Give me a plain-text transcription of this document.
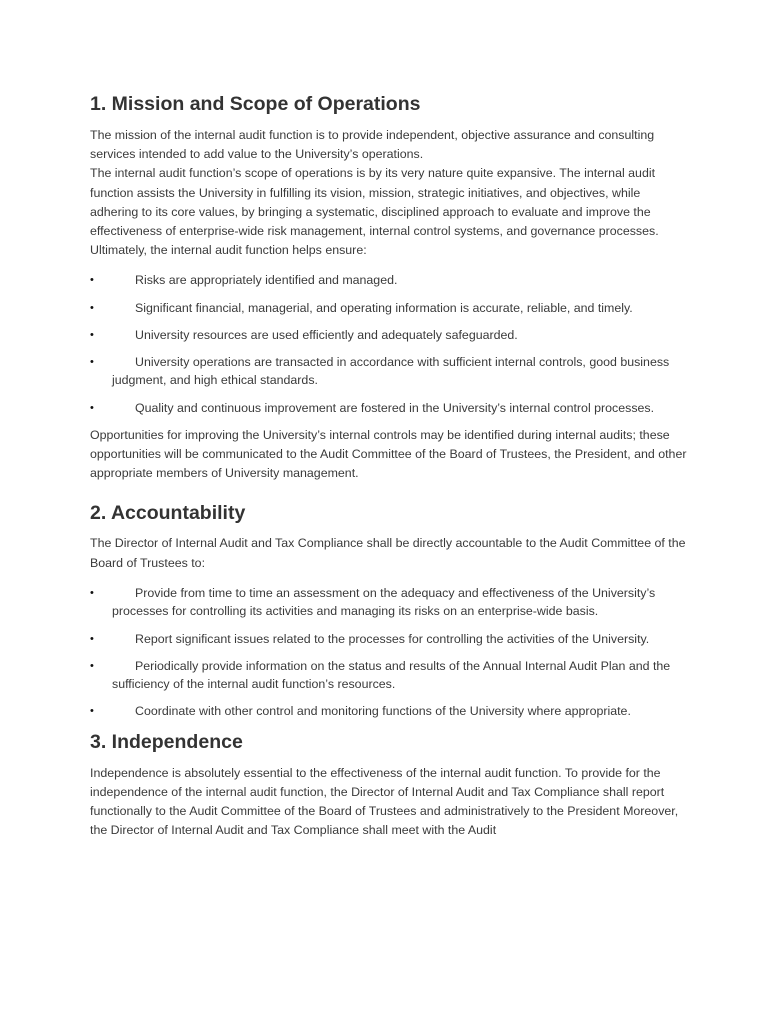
1. Mission and Scope of Operations

The mission of the internal audit function is to provide independent, objective assurance and consulting services intended to add value to the University’s operations.

The internal audit function’s scope of operations is by its very nature quite expansive. The internal audit function assists the University in fulfilling its vision, mission, strategic initiatives, and objectives, while adhering to its core values, by bringing a systematic, disciplined approach to evaluate and improve the effectiveness of enterprise-wide risk management, internal control systems, and governance processes.

Ultimately, the internal audit function helps ensure:

•	Risks are appropriately identified and managed.
•	Significant financial, managerial, and operating information is accurate, reliable, and timely.
•	University resources are used efficiently and adequately safeguarded.
•	University operations are transacted in accordance with sufficient internal controls, good business judgment, and high ethical standards.
•	Quality and continuous improvement are fostered in the University’s internal control processes.

Opportunities for improving the University’s internal controls may be identified during internal audits; these opportunities will be communicated to the Audit Committee of the Board of Trustees, the President, and other appropriate members of University management.

2. Accountability

The Director of Internal Audit and Tax Compliance shall be directly accountable to the Audit Committee of the Board of Trustees to:

•	Provide from time to time an assessment on the adequacy and effectiveness of the University’s processes for controlling its activities and managing its risks on an enterprise-wide basis.
•	Report significant issues related to the processes for controlling the activities of the University.
•	Periodically provide information on the status and results of the Annual Internal Audit Plan and the sufficiency of the internal audit function’s resources.
•	Coordinate with other control and monitoring functions of the University where appropriate.
3. Independence

Independence is absolutely essential to the effectiveness of the internal audit function. To provide for the independence of the internal audit function, the Director of Internal Audit and Tax Compliance shall report functionally to the Audit Committee of the Board of Trustees and administratively to the President Moreover, the Director of Internal Audit and Tax Compliance shall meet with the Audit
